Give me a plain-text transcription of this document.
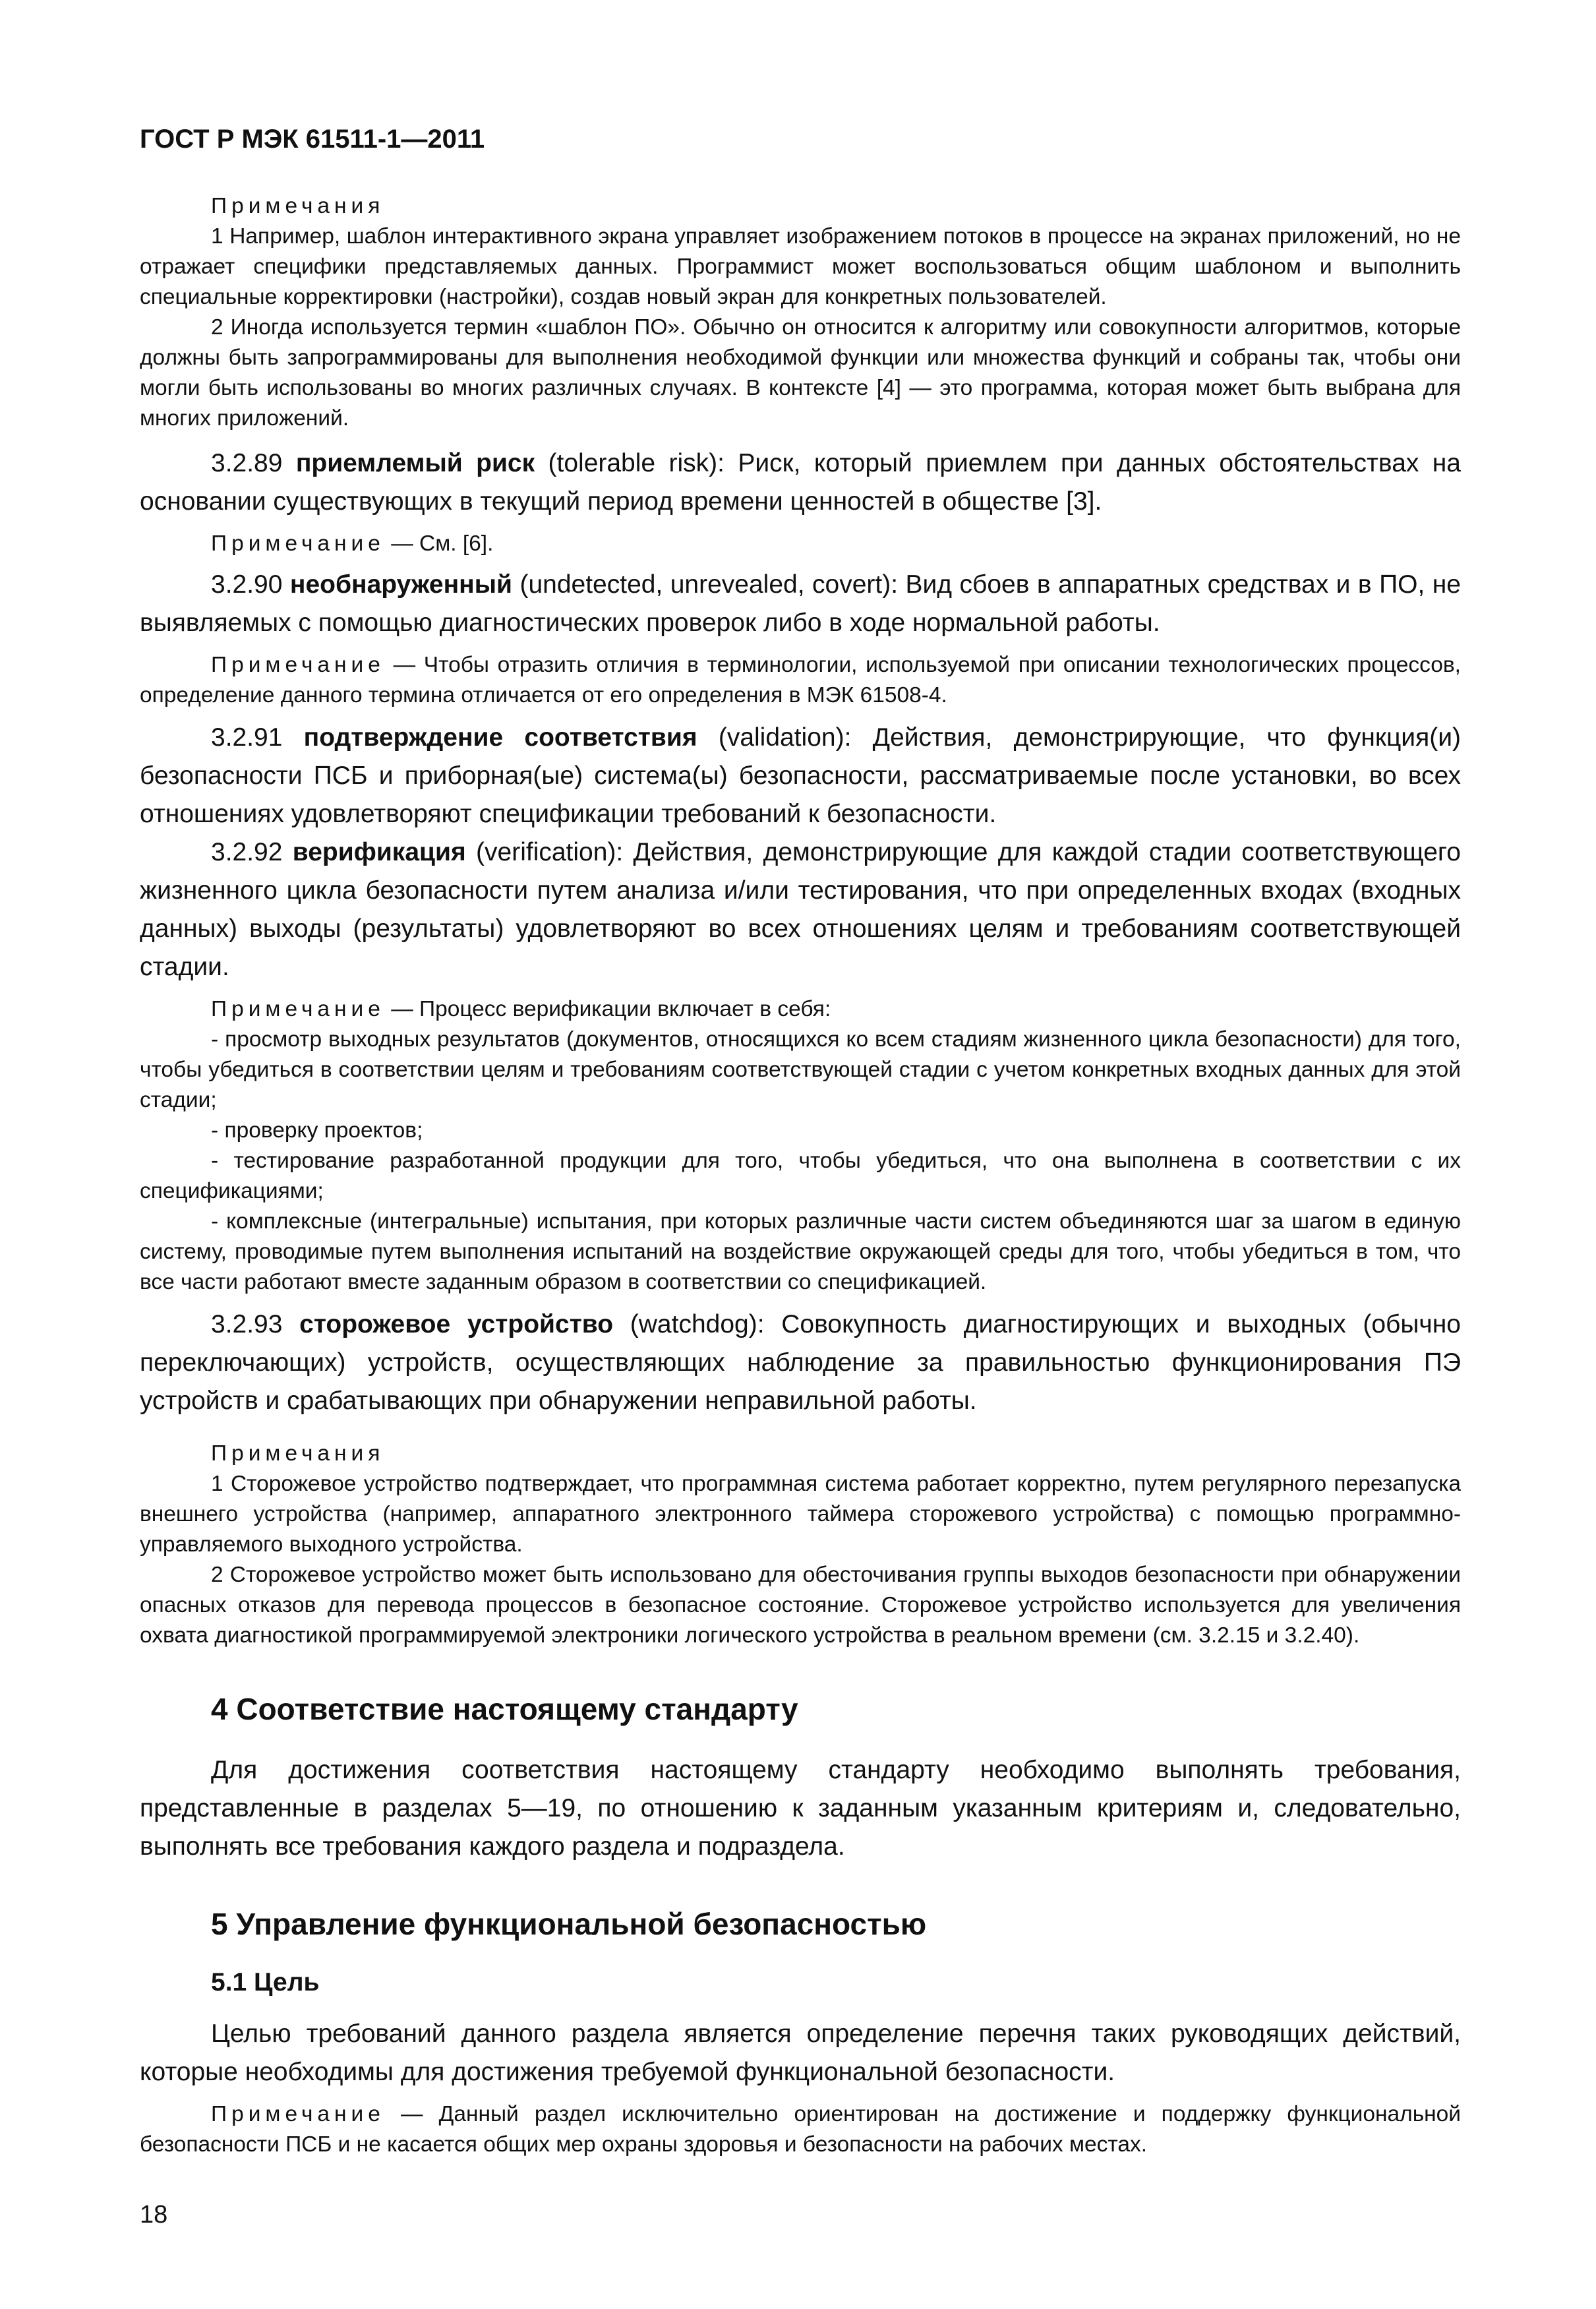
ГОСТ Р МЭК 61511-1—2011

Примечания

1 Например, шаблон интерактивного экрана управляет изображением потоков в процессе на экранах приложений, но не отражает специфики представляемых данных. Программист может воспользоваться общим шаблоном и выполнить специальные корректировки (настройки), создав новый экран для конкретных пользователей.

2 Иногда используется термин «шаблон ПО». Обычно он относится к алгоритму или совокупности алгоритмов, которые должны быть запрограммированы для выполнения необходимой функции или множества функций и собраны так, чтобы они могли быть использованы во многих различных случаях. В контексте [4] — это программа, которая может быть выбрана для многих приложений.

3.2.89 приемлемый риск (tolerable risk): Риск, который приемлем при данных обстоятельствах на основании существующих в текущий период времени ценностей в обществе [3].

Примечание — См. [6].

3.2.90 необнаруженный (undetected, unrevealed, covert): Вид сбоев в аппаратных средствах и в ПО, не выявляемых с помощью диагностических проверок либо в ходе нормальной работы.

Примечание — Чтобы отразить отличия в терминологии, используемой при описании технологических процессов, определение данного термина отличается от его определения в МЭК 61508-4.

3.2.91 подтверждение соответствия (validation): Действия, демонстрирующие, что функция(и) безопасности ПСБ и приборная(ые) система(ы) безопасности, рассматриваемые после установки, во всех отношениях удовлетворяют спецификации требований к безопасности.

3.2.92 верификация (verification): Действия, демонстрирующие для каждой стадии соответствующего жизненного цикла безопасности путем анализа и/или тестирования, что при определенных входах (входных данных) выходы (результаты) удовлетворяют во всех отношениях целям и требованиям соответствующей стадии.

Примечание — Процесс верификации включает в себя:

- просмотр выходных результатов (документов, относящихся ко всем стадиям жизненного цикла безопасности) для того, чтобы убедиться в соответствии целям и требованиям соответствующей стадии с учетом конкретных входных данных для этой стадии;

- проверку проектов;

- тестирование разработанной продукции для того, чтобы убедиться, что она выполнена в соответствии с их спецификациями;

- комплексные (интегральные) испытания, при которых различные части систем объединяются шаг за шагом в единую систему, проводимые путем выполнения испытаний на воздействие окружающей среды для того, чтобы убедиться в том, что все части работают вместе заданным образом в соответствии со спецификацией.

3.2.93 сторожевое устройство (watchdog): Совокупность диагностирующих и выходных (обычно переключающих) устройств, осуществляющих наблюдение за правильностью функционирования ПЭ устройств и срабатывающих при обнаружении неправильной работы.

Примечания

1 Сторожевое устройство подтверждает, что программная система работает корректно, путем регулярного перезапуска внешнего устройства (например, аппаратного электронного таймера сторожевого устройства) с помощью программно-управляемого выходного устройства.

2 Сторожевое устройство может быть использовано для обесточивания группы выходов безопасности при обнаружении опасных отказов для перевода процессов в безопасное состояние. Сторожевое устройство используется для увеличения охвата диагностикой программируемой электроники логического устройства в реальном времени (см. 3.2.15 и 3.2.40).

4 Соответствие настоящему стандарту

Для достижения соответствия настоящему стандарту необходимо выполнять требования, представленные в разделах 5—19, по отношению к заданным указанным критериям и, следовательно, выполнять все требования каждого раздела и подраздела.

5 Управление функциональной безопасностью
5.1 Цель

Целью требований данного раздела является определение перечня таких руководящих действий, которые необходимы для достижения требуемой функциональной безопасности.

Примечание — Данный раздел исключительно ориентирован на достижение и поддержку функциональной безопасности ПСБ и не касается общих мер охраны здоровья и безопасности на рабочих местах.

18
